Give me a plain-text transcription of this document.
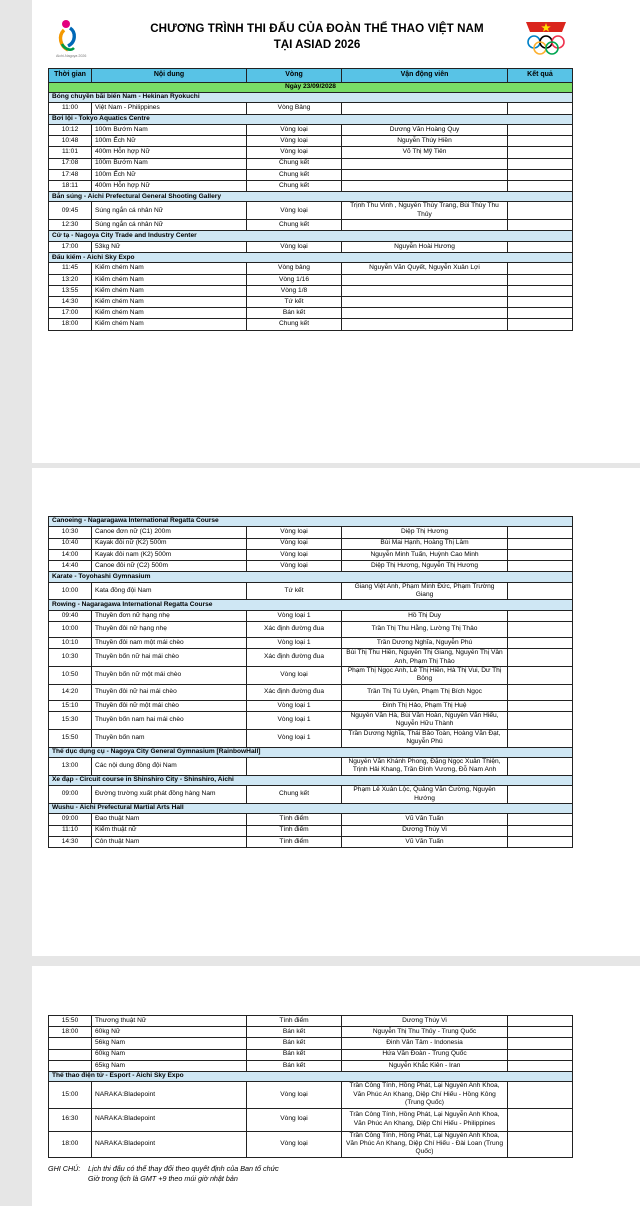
Aichi-Nagoya 2026
CHƯƠNG TRÌNH THI ĐẤU CỦA ĐOÀN THỂ THAO VIỆT NAM
TẠI ASIAD 2026
Thời gian	Nội dung	Vòng	Vận động viên	Kết quả
Ngày 23/09/2028				
Bóng chuyền bãi biển Nam - Hekinan Ryokuchi				
11:00	Việt Nam - Philippines	Vòng Bảng		
Bơi lội - Tokyo Aquatics Centre				
10:12	100m Bướm Nam	Vòng loại	Dương Văn Hoàng Quy	
10:48	100m Ếch Nữ	Vòng loại	Nguyễn Thúy Hiền	
11:01	400m Hỗn hợp Nữ	Vòng loại	Võ Thị Mỹ Tiên	
17:08	100m Bướm Nam	Chung kết		
17:48	100m Ếch Nữ	Chung kết		
18:11	400m Hỗn hợp Nữ	Chung kết		
Bắn súng - Aichi Prefectural General Shooting Gallery				
09:45	Súng ngắn cá nhân Nữ	Vòng loại	Trịnh Thu Vinh , Nguyễn Thùy Trang, Bùi Thùy Thu Thủy	
12:30	Súng ngắn cá nhân Nữ	Chung kết		
Cử tạ - Nagoya City Trade and Industry Center				
17:00	53kg Nữ	Vòng loại	Nguyễn Hoài Hương	
Đấu kiếm - Aichi Sky Expo				
11:45	Kiếm chém Nam	Vòng bảng	Nguyễn Văn Quyết, Nguyễn Xuân Lợi	
13:20	Kiếm chém Nam	Vòng 1/16		
13:55	Kiếm chém Nam	Vòng 1/8		
14:30	Kiếm chém Nam	Tứ kết		
17:00	Kiếm chém Nam	Bán kết		
18:00	Kiếm chém Nam	Chung kết		
Canoeing - Nagaragawa International Regatta Course				
10:30	Canoe đơn nữ (C1) 200m	Vòng loại	Diệp Thị Hương	
10:40	Kayak đôi nữ (K2) 500m	Vòng loại	Bùi Mai Hạnh, Hoàng Thị Lâm	
14:00	Kayak đôi nam (K2) 500m	Vòng loại	Nguyễn Minh Tuấn, Huỳnh Cao Minh	
14:40	Canoe đôi nữ (C2) 500m	Vòng loại	Diệp Thị Hương, Nguyễn Thị Hương	
Karate - Toyohashi Gymnasium				
10:00	Kata đồng đội Nam	Tứ kết	Giang Việt Anh, Phạm Minh Đức, Phạm Trường Giang	
Rowing - Nagaragawa International Regatta Course				
09:40	Thuyền đơn nữ hạng nhẹ	Vòng loại 1	Hồ Thị Duy	
10:00	Thuyền đôi nữ hạng nhẹ	Xác định đường đua	Trần Thị Thu Hằng, Lường Thị Thảo	
10:10	Thuyền đôi nam một mái chèo	Vòng loại 1	Trần Dương Nghĩa, Nguyễn Phú	
10:30	Thuyền bốn nữ hai mái chèo	Xác định đường đua	Bùi Thị Thu Hiền, Nguyễn Thị Giang, Nguyễn Thị Vân Anh, Phạm Thị Thảo	
10:50	Thuyền bốn nữ một mái chèo	Vòng loại	Phạm Thị Ngọc Anh, Lê Thị Hiền, Hà Thị Vui, Dư Thị Bông	
14:20	Thuyền đôi nữ hai mái chèo	Xác định đường đua	Trần Thị Tú Uyên, Phạm Thị Bích Ngọc	
15:10	Thuyền đôi nữ một mái chèo	Vòng loại 1	Đinh Thị Hảo, Phạm Thị Huệ	
15:30	Thuyền bốn nam hai mái chèo	Vòng loại 1	Nguyễn Văn Hà, Bùi Văn Hoàn, Nguyễn Văn Hiếu, Nguyễn Hữu Thành	
15:50	Thuyền bốn nam	Vòng loại 1	Trần Dương Nghĩa, Thái Bảo Toàn, Hoàng Văn Đạt, Nguyễn Phú	
Thể dục dụng cụ - Nagoya City General Gymnasium [RainbowHall]				
13:00	Các nội dung đồng đội Nam		Nguyễn Văn Khánh Phong, Đặng Ngọc Xuân Thiện, Trịnh Hải Khang, Trần Đình Vương, Đỗ Nam Anh	
Xe đạp - Circuit course in Shinshiro City - Shinshiro, Aichi				
09:00	Đường trường xuất phát đồng hàng Nam	Chung kết	Phạm Lê Xuân Lộc, Quảng Văn Cường, Nguyễn Hướng	
Wushu - Aichi Prefectural Martial Arts Hall				
09:00	Đao thuật Nam	Tính điểm	Vũ Văn Tuấn	
11:10	Kiếm thuật nữ	Tính điểm	Dương Thúy Vi	
14:30	Côn thuật Nam	Tính điểm	Vũ Văn Tuấn	
15:50	Thương thuật Nữ	Tính điểm	Dương Thúy Vi	
18:00	60kg Nữ	Bán kết	Nguyễn Thị Thu Thủy - Trung Quốc	
	56kg Nam	Bán kết	Đinh Văn Tâm - Indonesia	
	60kg Nam	Bán kết	Hứa Văn Đoàn - Trung Quốc	
	65kg Nam	Bán kết	Nguyễn Khắc Kiên - Iran	
Thể thao điện tử - Esport - Aichi Sky Expo				
15:00	NARAKA:Bladepoint	Vòng loại	Trần Công Tính, Hồng Phát, Lại Nguyễn Anh Khoa, Văn Phúc An Khang, Diệp Chí Hiếu - Hồng Kông (Trung Quốc)	
16:30	NARAKA:Bladepoint	Vòng loại	Trần Công Tính, Hồng Phát, Lại Nguyễn Anh Khoa, Văn Phúc An Khang, Diệp Chí Hiếu - Philippines	
18:00	NARAKA:Bladepoint	Vòng loại	Trần Công Tính, Hồng Phát, Lại Nguyễn Anh Khoa, Văn Phúc An Khang, Diệp Chí Hiếu - Đài Loan (Trung Quốc)	
GHI CHÚ: Lịch thi đấu có thể thay đổi theo quyết định của Ban tổ chức
Giờ trong lịch là GMT +9 theo múi giờ nhật bản
